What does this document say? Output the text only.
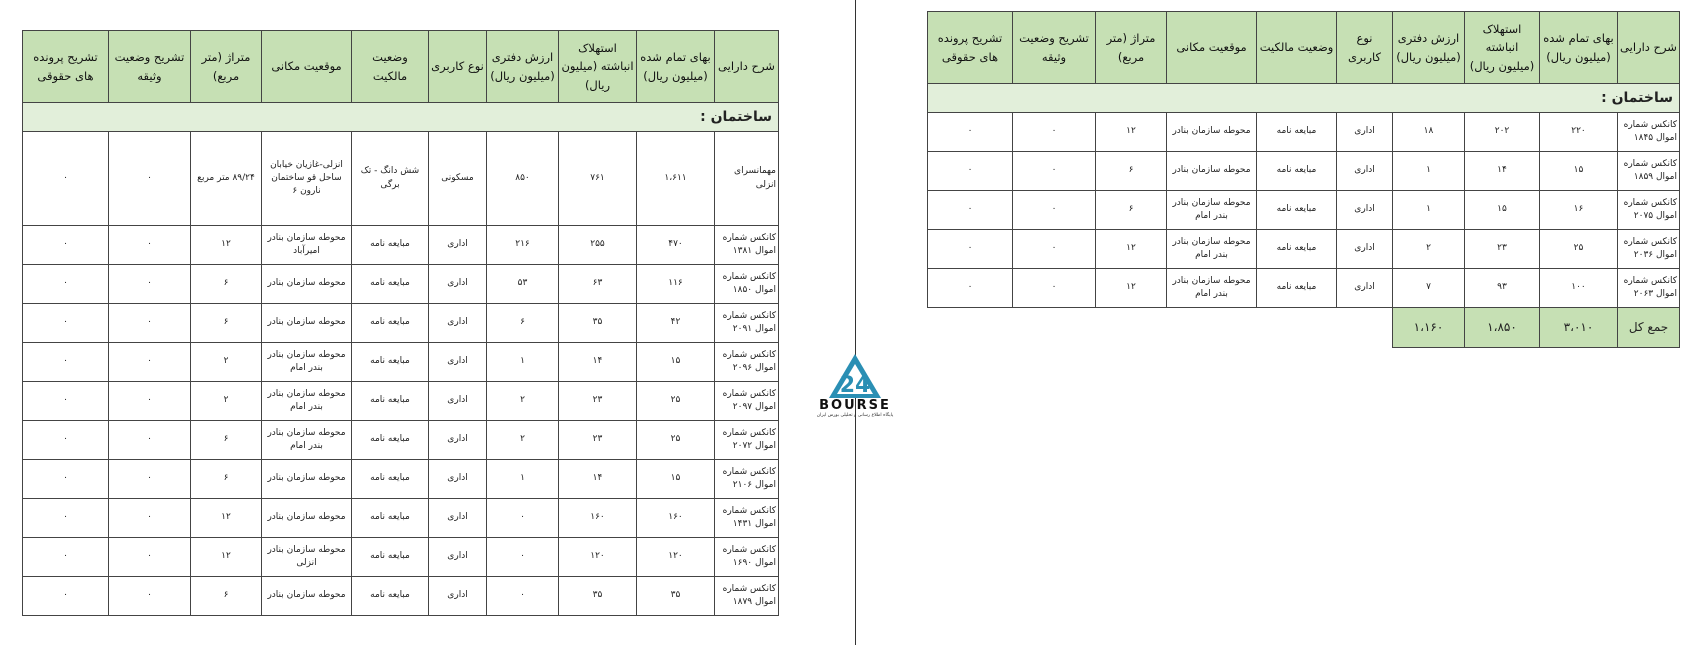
شرح دارایی	بهای تمام شده (میلیون ریال)	استهلاک انباشته (میلیون ریال)	ارزش دفتری (میلیون ریال)	نوع کاربری	وضعیت مالکیت	موقعیت مکانی	متراژ (متر مربع)	تشریح وضعیت وثیقه	تشریح پرونده های حقوقی
ساختمان :									
مهمانسرای انزلی	۱،۶۱۱	۷۶۱	۸۵۰	مسکونی	شش دانگ - تک برگی	انزلی-غازیان خیابان ساحل قو ساختمان نارون ۶	۸۹/۲۴ متر مربع	۰	۰
کانکس شماره اموال ۱۳۸۱	۴۷۰	۲۵۵	۲۱۶	اداری	مبایعه نامه	محوطه سازمان بنادر امیرآباد	۱۲	۰	۰
کانکس شماره اموال ۱۸۵۰	۱۱۶	۶۳	۵۳	اداری	مبایعه نامه	محوطه سازمان بنادر	۶	۰	۰
کانکس شماره اموال ۲۰۹۱	۴۲	۳۵	۶	اداری	مبایعه نامه	محوطه سازمان بنادر	۶	۰	۰
کانکس شماره اموال ۲۰۹۶	۱۵	۱۴	۱	اداری	مبایعه نامه	محوطه سازمان بنادر بندر امام	۲	۰	۰
کانکس شماره اموال ۲۰۹۷	۲۵	۲۳	۲	اداری	مبایعه نامه	محوطه سازمان بنادر بندر امام	۲	۰	۰
کانکس شماره اموال ۲۰۷۲	۲۵	۲۳	۲	اداری	مبایعه نامه	محوطه سازمان بنادر بندر امام	۶	۰	۰
کانکس شماره اموال ۲۱۰۶	۱۵	۱۴	۱	اداری	مبایعه نامه	محوطه سازمان بنادر	۶	۰	۰
کانکس شماره اموال ۱۴۳۱	۱۶۰	۱۶۰	۰	اداری	مبایعه نامه	محوطه سازمان بنادر	۱۲	۰	۰
کانکس شماره اموال ۱۶۹۰	۱۲۰	۱۲۰	۰	اداری	مبایعه نامه	محوطه سازمان بنادر انزلی	۱۲	۰	۰
کانکس شماره اموال ۱۸۷۹	۳۵	۳۵	۰	اداری	مبایعه نامه	محوطه سازمان بنادر	۶	۰	۰
24
BOURSE
پایگاه اطلاع رسانی و تحلیلی بورس ایران
شرح دارایی	بهای تمام شده (میلیون ریال)	استهلاک انباشته (میلیون ریال)	ارزش دفتری (میلیون ریال)	نوع کاربری	وضعیت مالکیت	موقعیت مکانی	متراژ (متر مربع)	تشریح وضعیت وثیقه	تشریح پرونده های حقوقی
ساختمان :									
کانکس شماره اموال ۱۸۴۵	۲۲۰	۲۰۲	۱۸	اداری	مبایعه نامه	محوطه سازمان بنادر	۱۲	۰	۰
کانکس شماره اموال ۱۸۵۹	۱۵	۱۴	۱	اداری	مبایعه نامه	محوطه سازمان بنادر	۶	۰	۰
کانکس شماره اموال ۲۰۷۵	۱۶	۱۵	۱	اداری	مبایعه نامه	محوطه سازمان بنادر بندر امام	۶	۰	۰
کانکس شماره اموال ۲۰۳۶	۲۵	۲۳	۲	اداری	مبایعه نامه	محوطه سازمان بنادر بندر امام	۱۲	۰	۰
کانکس شماره اموال ۲۰۶۳	۱۰۰	۹۳	۷	اداری	مبایعه نامه	محوطه سازمان بنادر بندر امام	۱۲	۰	۰
جمع کل	۳،۰۱۰	۱،۸۵۰	۱،۱۶۰						
